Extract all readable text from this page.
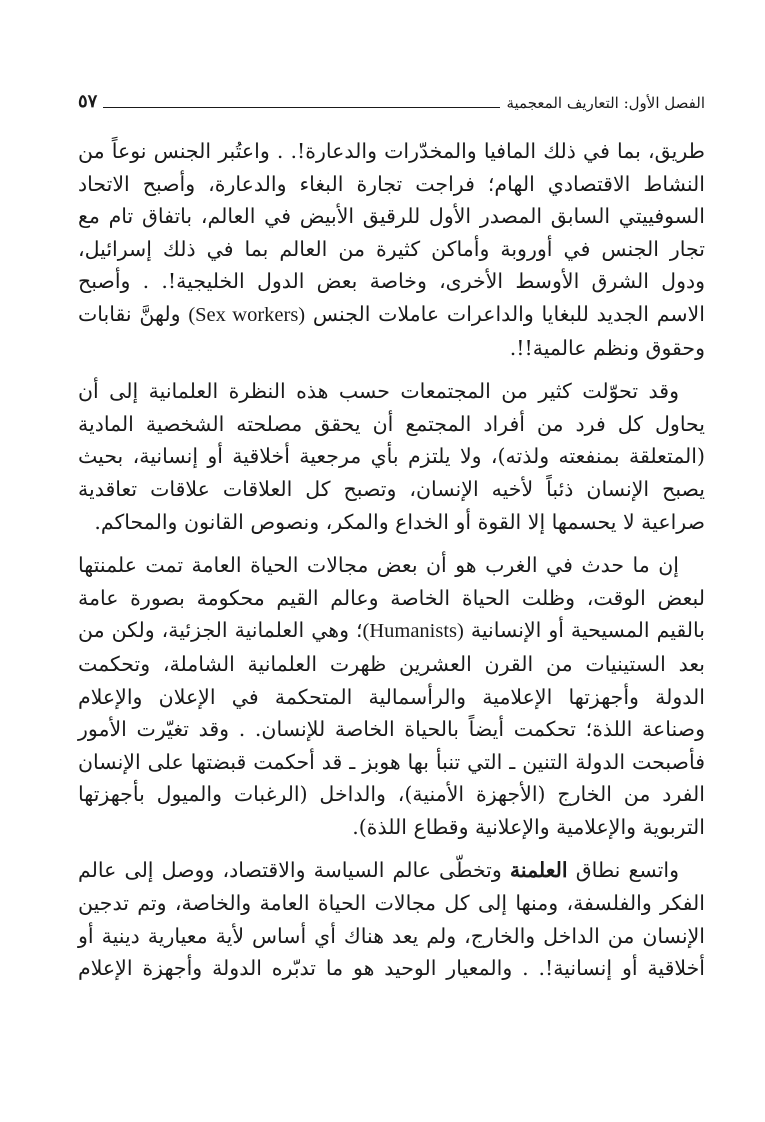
الفصل الأول: التعاريف المعجمية
٥٧

طريق، بما في ذلك المافيا والمخدّرات والدعارة!. . واعتُبر الجنس نوعاً من النشاط الاقتصادي الهام؛ فراجت تجارة البغاء والدعارة، وأصبح الاتحاد السوفييتي السابق المصدر الأول للرقيق الأبيض في العالم، باتفاق تام مع تجار الجنس في أوروبة وأماكن كثيرة من العالم بما في ذلك إسرائيل، ودول الشرق الأوسط الأخرى، وخاصة بعض الدول الخليجية!. . وأصبح الاسم الجديد للبغايا والداعرات عاملات الجنس (Sex workers) ولهنَّ نقابات وحقوق ونظم عالمية!!.

وقد تحوّلت كثير من المجتمعات حسب هذه النظرة العلمانية إلى أن يحاول كل فرد من أفراد المجتمع أن يحقق مصلحته الشخصية المادية (المتعلقة بمنفعته ولذته)، ولا يلتزم بأي مرجعية أخلاقية أو إنسانية، بحيث يصبح الإنسان ذئباً لأخيه الإنسان، وتصبح كل العلاقات علاقات تعاقدية صراعية لا يحسمها إلا القوة أو الخداع والمكر، ونصوص القانون والمحاكم.

إن ما حدث في الغرب هو أن بعض مجالات الحياة العامة تمت علمنتها لبعض الوقت، وظلت الحياة الخاصة وعالم القيم محكومة بصورة عامة بالقيم المسيحية أو الإنسانية (Humanists)؛ وهي العلمانية الجزئية، ولكن من بعد الستينيات من القرن العشرين ظهرت العلمانية الشاملة، وتحكمت الدولة وأجهزتها الإعلامية والرأسمالية المتحكمة في الإعلان والإعلام وصناعة اللذة؛ تحكمت أيضاً بالحياة الخاصة للإنسان. . وقد تغيّرت الأمور فأصبحت الدولة التنين ـ التي تنبأ بها هوبز ـ قد أحكمت قبضتها على الإنسان الفرد من الخارج (الأجهزة الأمنية)، والداخل (الرغبات والميول بأجهزتها التربوية والإعلامية والإعلانية وقطاع اللذة).

واتسع نطاق العلمنة وتخطّى عالم السياسة والاقتصاد، ووصل إلى عالم الفكر والفلسفة، ومنها إلى كل مجالات الحياة العامة والخاصة، وتم تدجين الإنسان من الداخل والخارج، ولم يعد هناك أي أساس لأية معيارية دينية أو أخلاقية أو إنسانية!. . والمعيار الوحيد هو ما تدبّره الدولة وأجهزة الإعلام
